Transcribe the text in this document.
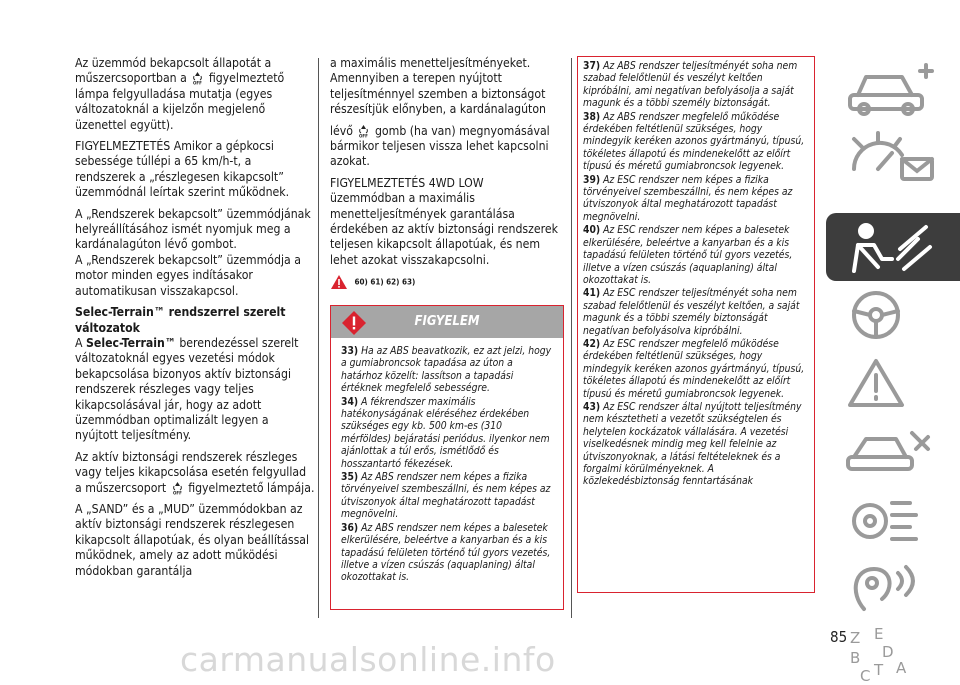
Az üzemmód bekapcsolt állapotát a
műszercsoportban a OFF figyelmeztető lámpa felgyulladása mutatja (egyes változatoknál a kijelzőn megjelenő üzenettel együtt).

FIGYELMEZTETÉS Amikor a gépkocsi sebessége túllépi a 65 km/h-t, a rendszerek a „részlegesen kikapcsolt” üzemmódnál leírtak szerint működnek.

A „Rendszerek bekapcsolt” üzemmódjának helyreállításához ismét nyomjuk meg a kardánalagúton lévő gombot.

A „Rendszerek bekapcsolt” üzemmódja a motor minden egyes indításakor automatikusan visszakapcsol.

Selec-Terrain™ rendszerrel szerelt változatok

A Selec-Terrain™ berendezéssel szerelt változatoknál egyes vezetési módok bekapcsolása bizonyos aktív biztonsági rendszerek részleges vagy teljes kikapcsolásával jár, hogy az adott üzemmódban optimalizált legyen a nyújtott teljesítmény.

Az aktív biztonsági rendszerek részleges vagy teljes kikapcsolása esetén felgyullad a műszercsoport OFF figyelmeztető lámpája.

A „SAND” és a „MUD” üzemmódokban az aktív biztonsági rendszerek részlegesen kikapcsolt állapotúak, és olyan beállítással működnek, amely az adott működési módokban garantálja

a maximális menetteljesítményeket. Amennyiben a terepen nyújtott teljesítménnyel szemben a biztonságot részesítjük előnyben, a kardánalagúton

lévő OFF gomb (ha van) megnyomásával bármikor teljesen vissza lehet kapcsolni azokat.

FIGYELMEZTETÉS 4WD LOW üzemmódban a maximális menetteljesítmények garantálása érdekében az aktív biztonsági rendszerek teljesen kikapcsolt állapotúak, és nem lehet azokat visszakapcsolni.

60) 61) 62) 63)
FIGYELEM
33) Ha az ABS beavatkozik, ez azt jelzi, hogy a gumiabroncsok tapadása az úton a határhoz közelít: lassítson a tapadási értéknek megfelelő sebességre.
34) A fékrendszer maximális hatékonyságának eléréséhez érdekében szükséges egy kb. 500 km-es (310 mérföldes) bejáratási periódus. ilyenkor nem ajánlottak a túl erős, ismétlődő és hosszantartó fékezések.
35) Az ABS rendszer nem képes a fizika törvényeivel szembeszállni, és nem képes az útviszonyok által meghatározott tapadást megnövelni.
36) Az ABS rendszer nem képes a balesetek elkerülésére, beleértve a kanyarban és a kis tapadású felületen történő túl gyors vezetés, illetve a vízen csúszás (aquaplaning) által okozottakat is.
37) Az ABS rendszer teljesítményét soha nem szabad felelőtlenül és veszélyt keltően kipróbálni, ami negatívan befolyásolja a saját magunk és a többi személy biztonságát.
38) Az ABS rendszer megfelelő működése érdekében feltétlenül szükséges, hogy mindegyik keréken azonos gyártmányú, típusú, tökéletes állapotú és mindenekelőtt az előírt típusú és méretű gumiabroncsok legyenek.
39) Az ESC rendszer nem képes a fizika törvényeivel szembeszállni, és nem képes az útviszonyok által meghatározott tapadást megnövelni.
40) Az ESC rendszer nem képes a balesetek elkerülésére, beleértve a kanyarban és a kis tapadású felületen történő túl gyors vezetés, illetve a vízen csúszás (aquaplaning) által okozottakat is.
41) Az ESC rendszer teljesítményét soha nem szabad felelőtlenül és veszélyt keltően, a saját magunk és a többi személy biztonságát negatívan befolyásolva kipróbálni.
42) Az ESC rendszer megfelelő működése érdekében feltétlenül szükséges, hogy mindegyik keréken azonos gyártmányú, típusú, tökéletes állapotú és mindenekelőtt az előírt típusú és méretű gumiabroncsok legyenek.
43) Az ESC rendszer által nyújtott teljesítmény nem késztetheti a vezetőt szükségtelen és helytelen kockázatok vállalására. A vezetési viselkedésnek mindig meg kell felelnie az útviszonyoknak, a látási feltételeknek és a forgalmi körülményeknek. A közlekedésbiztonság fenntartásának
Z E
B D
C T A
85
carmanualsonline.info
